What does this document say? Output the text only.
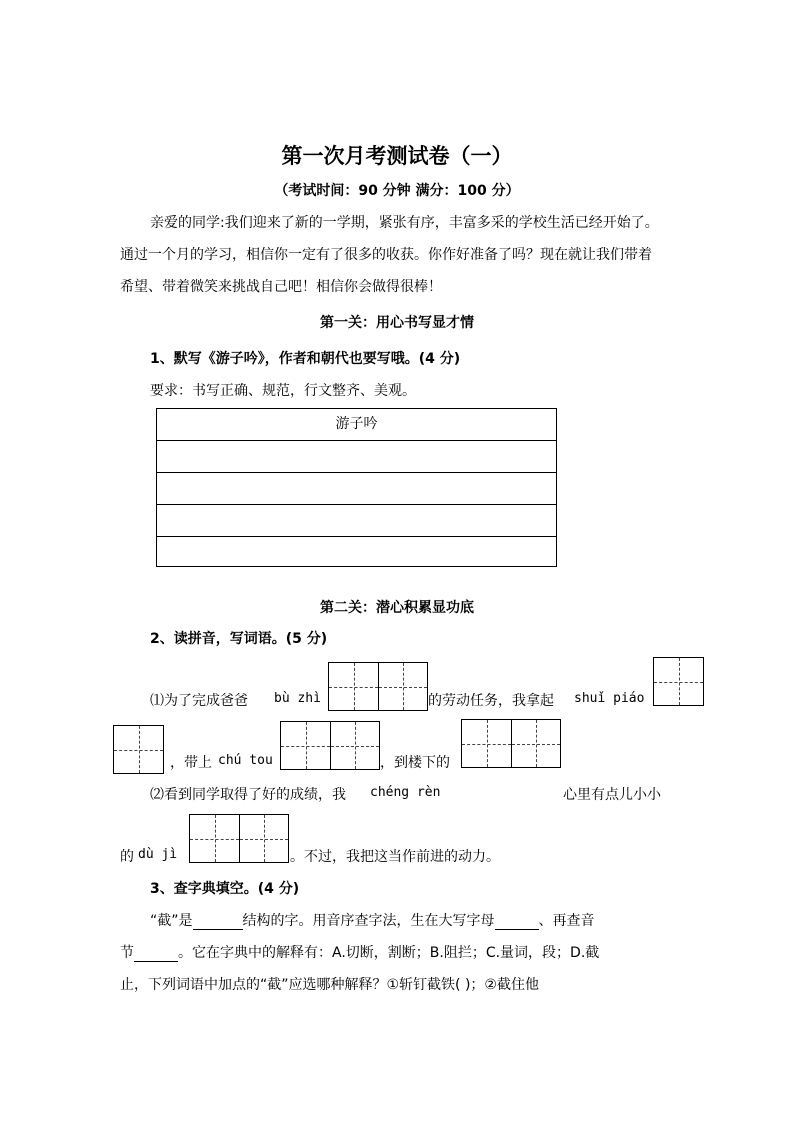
第一次月考测试卷（一）
（考试时间：90 分钟 满分：100 分）
亲爱的同学:我们迎来了新的一学期，紧张有序，丰富多采的学校生活已经开始了。
通过一个月的学习，相信你一定有了很多的收获。你作好准备了吗？现在就让我们带着
希望、带着微笑来挑战自己吧！相信你会做得很棒！
第一关：用心书写显才情
1、默写《游子吟》，作者和朝代也要写哦。(4 分)
要求：书写正确、规范，行文整齐、美观。
游子吟
第二关：潜心积累显功底
2、读拼音，写词语。(5 分)
⑴为了完成爸爸 bù zhì	的劳动任务，我拿起 shuǐ piáo
，带上 chú tou	，到楼下的
⑵看到同学取得了好的成绩，我 chéng rèn	心里有点儿小小
的 dù jì	。不过，我把这当作前进的动力。
3、查字典填空。(4 分)
“截”是	结构的字。用音序查字法，生在大写字母	、再查音
节	。它在字典中的解释有：A.切断，割断；B.阻拦；C.量词，段；D.截
止，下列词语中加点的“截”应选哪种解释？①斩钉截铁( )；②截住他
